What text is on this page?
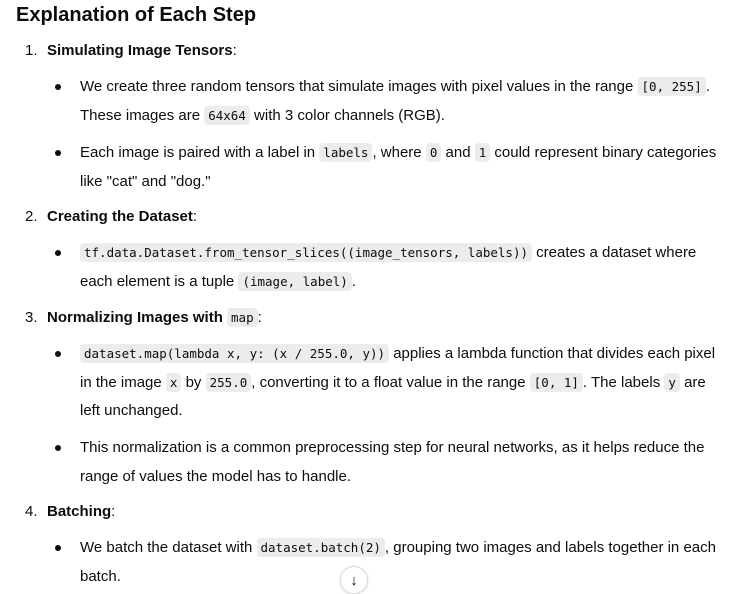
Explanation of Each Step
1. Simulating Image Tensors:
We create three random tensors that simulate images with pixel values in the range [0, 255] . These images are 64x64 with 3 color channels (RGB).
Each image is paired with a label in labels , where 0 and 1 could represent binary categories like "cat" and "dog."
2. Creating the Dataset:
tf.data.Dataset.from_tensor_slices((image_tensors, labels)) creates a dataset where each element is a tuple (image, label) .
3. Normalizing Images with map :
dataset.map(lambda x, y: (x / 255.0, y)) applies a lambda function that divides each pixel in the image x by 255.0 , converting it to a float value in the range [0, 1] . The labels y are left unchanged.
This normalization is a common preprocessing step for neural networks, as it helps reduce the range of values the model has to handle.
4. Batching:
We batch the dataset with dataset.batch(2) , grouping two images and labels together in each batch.	↓
